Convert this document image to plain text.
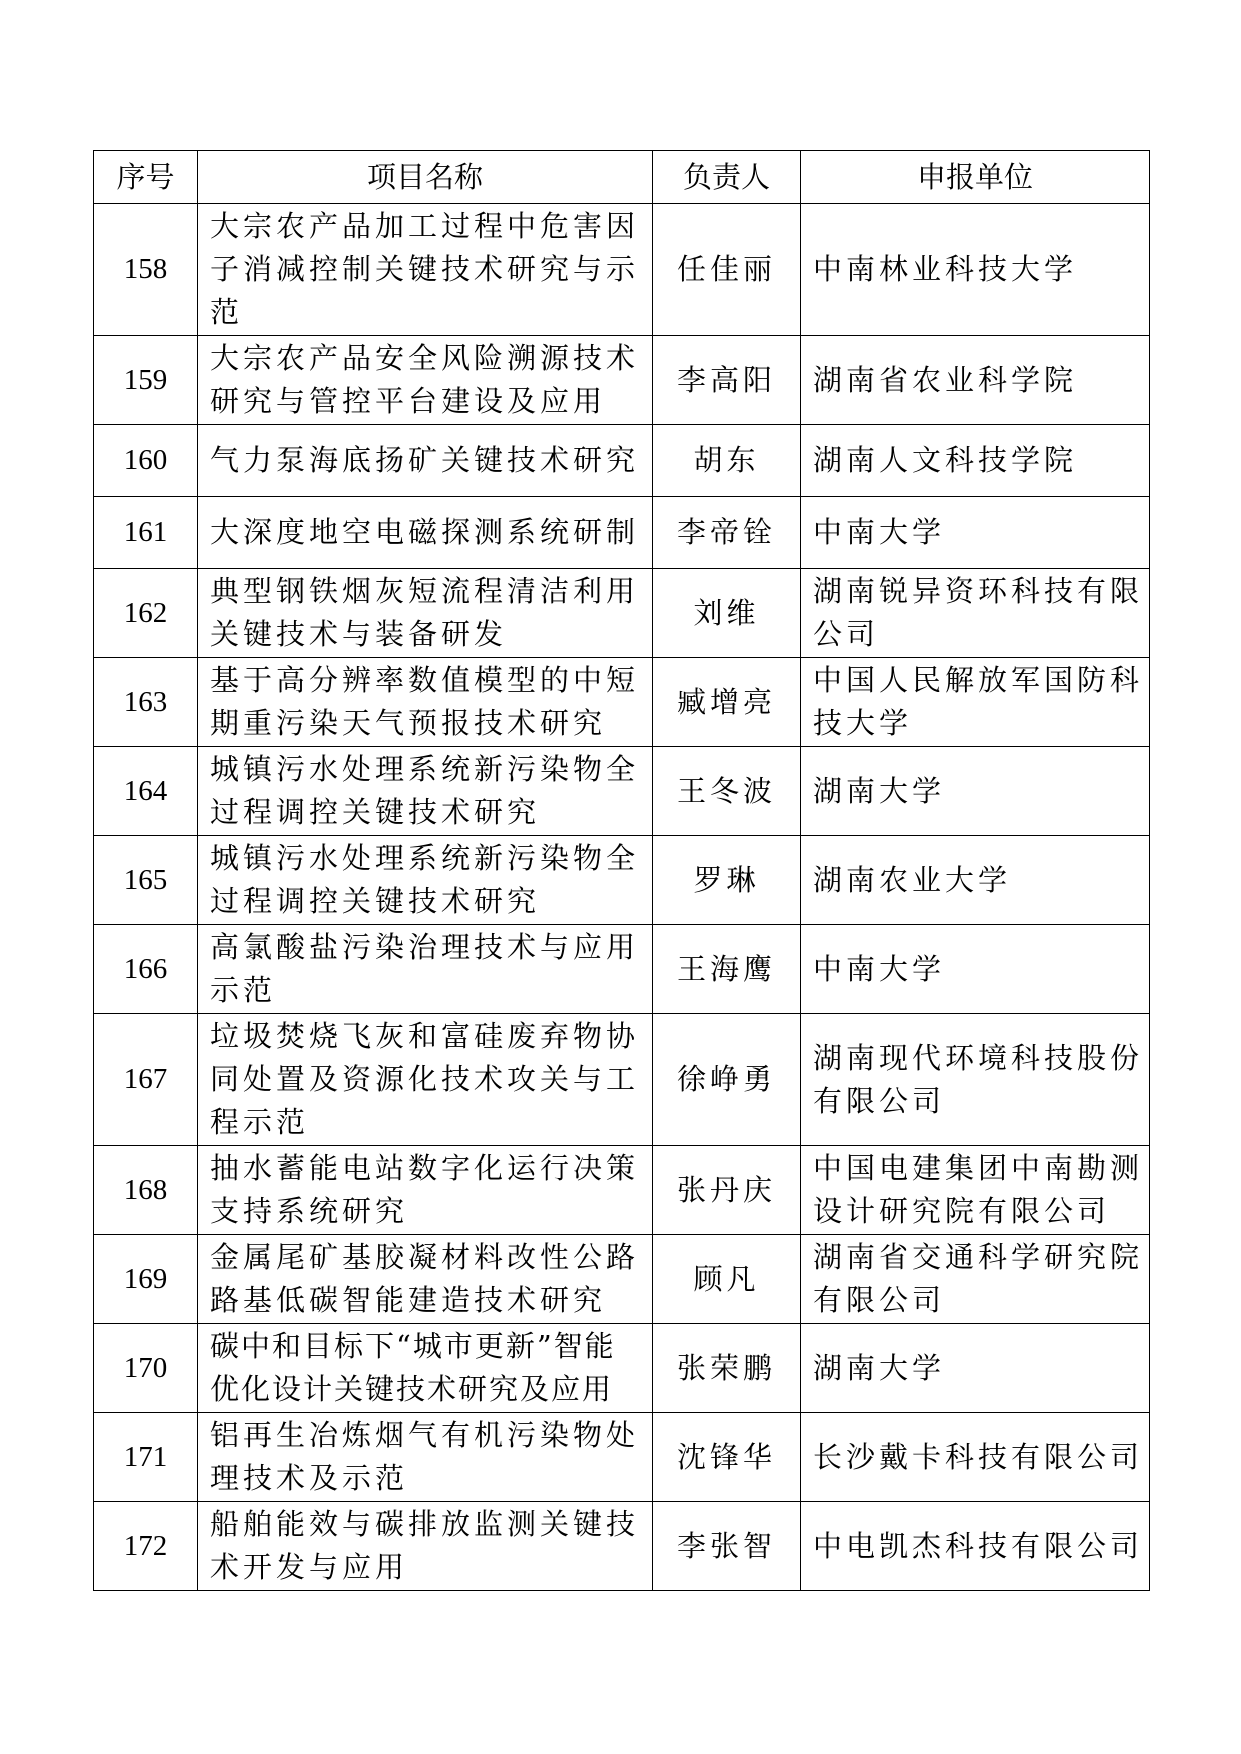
序号	项目名称	负责人	申报单位
158	大宗农产品加工过程中危害因子消减控制关键技术研究与示范	任佳丽	中南林业科技大学
159	大宗农产品安全风险溯源技术研究与管控平台建设及应用	李高阳	湖南省农业科学院
160	气力泵海底扬矿关键技术研究	胡东	湖南人文科技学院
161	大深度地空电磁探测系统研制	李帝铨	中南大学
162	典型钢铁烟灰短流程清洁利用关键技术与装备研发	刘维	湖南锐异资环科技有限公司
163	基于高分辨率数值模型的中短期重污染天气预报技术研究	臧增亮	中国人民解放军国防科技大学
164	城镇污水处理系统新污染物全过程调控关键技术研究	王冬波	湖南大学
165	城镇污水处理系统新污染物全过程调控关键技术研究	罗琳	湖南农业大学
166	高氯酸盐污染治理技术与应用示范	王海鹰	中南大学
167	垃圾焚烧飞灰和富硅废弃物协同处置及资源化技术攻关与工程示范	徐峥勇	湖南现代环境科技股份有限公司
168	抽水蓄能电站数字化运行决策支持系统研究	张丹庆	中国电建集团中南勘测设计研究院有限公司
169	金属尾矿基胶凝材料改性公路路基低碳智能建造技术研究	顾凡	湖南省交通科学研究院有限公司
170	碳中和目标下“城市更新”智能优化设计关键技术研究及应用	张荣鹏	湖南大学
171	铝再生冶炼烟气有机污染物处理技术及示范	沈锋华	长沙戴卡科技有限公司
172	船舶能效与碳排放监测关键技术开发与应用	李张智	中电凯杰科技有限公司
